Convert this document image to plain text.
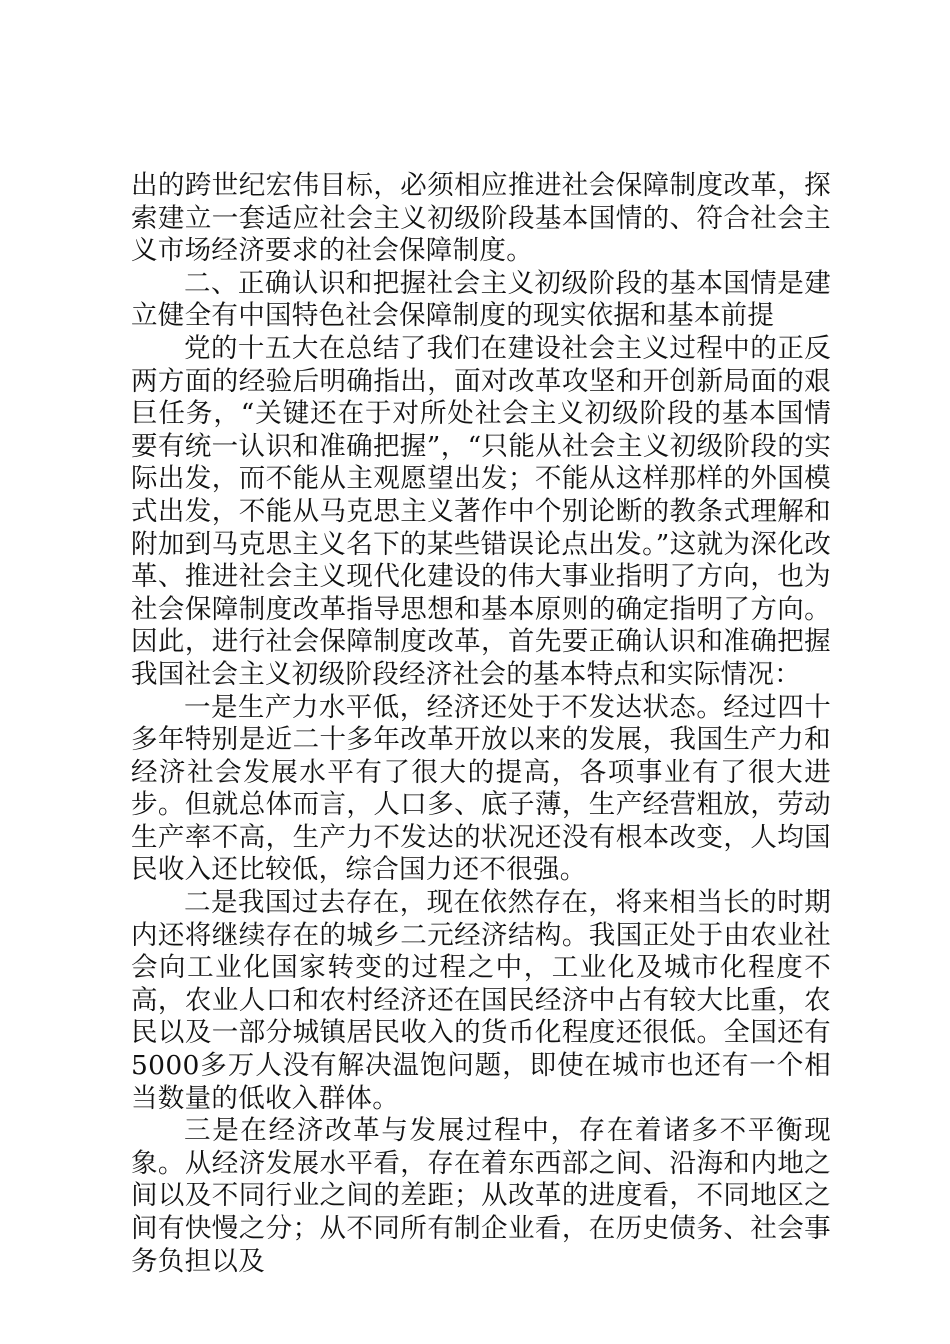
出的跨世纪宏伟目标，必须相应推进社会保障制度改革，探索建立一套适应社会主义初级阶段基本国情的、符合社会主义市场经济要求的社会保障制度。

二、正确认识和把握社会主义初级阶段的基本国情是建立健全有中国特色社会保障制度的现实依据和基本前提

党的十五大在总结了我们在建设社会主义过程中的正反两方面的经验后明确指出，面对改革攻坚和开创新局面的艰巨任务，“关键还在于对所处社会主义初级阶段的基本国情要有统一认识和准确把握”，“只能从社会主义初级阶段的实际出发，而不能从主观愿望出发；不能从这样那样的外国模式出发，不能从马克思主义著作中个别论断的教条式理解和附加到马克思主义名下的某些错误论点出发。”这就为深化改革、推进社会主义现代化建设的伟大事业指明了方向，也为社会保障制度改革指导思想和基本原则的确定指明了方向。因此，进行社会保障制度改革，首先要正确认识和准确把握我国社会主义初级阶段经济社会的基本特点和实际情况：

一是生产力水平低，经济还处于不发达状态。经过四十多年特别是近二十多年改革开放以来的发展，我国生产力和经济社会发展水平有了很大的提高，各项事业有了很大进步。但就总体而言，人口多、底子薄，生产经营粗放，劳动生产率不高，生产力不发达的状况还没有根本改变，人均国民收入还比较低，综合国力还不很强。

二是我国过去存在，现在依然存在，将来相当长的时期内还将继续存在的城乡二元经济结构。我国正处于由农业社会向工业化国家转变的过程之中，工业化及城市化程度不高，农业人口和农村经济还在国民经济中占有较大比重，农民以及一部分城镇居民收入的货币化程度还很低。全国还有5000多万人没有解决温饱问题，即使在城市也还有一个相当数量的低收入群体。

三是在经济改革与发展过程中，存在着诸多不平衡现象。从经济发展水平看，存在着东西部之间、沿海和内地之间以及不同行业之间的差距；从改革的进度看，不同地区之间有快慢之分；从不同所有制企业看，在历史债务、社会事务负担以及
